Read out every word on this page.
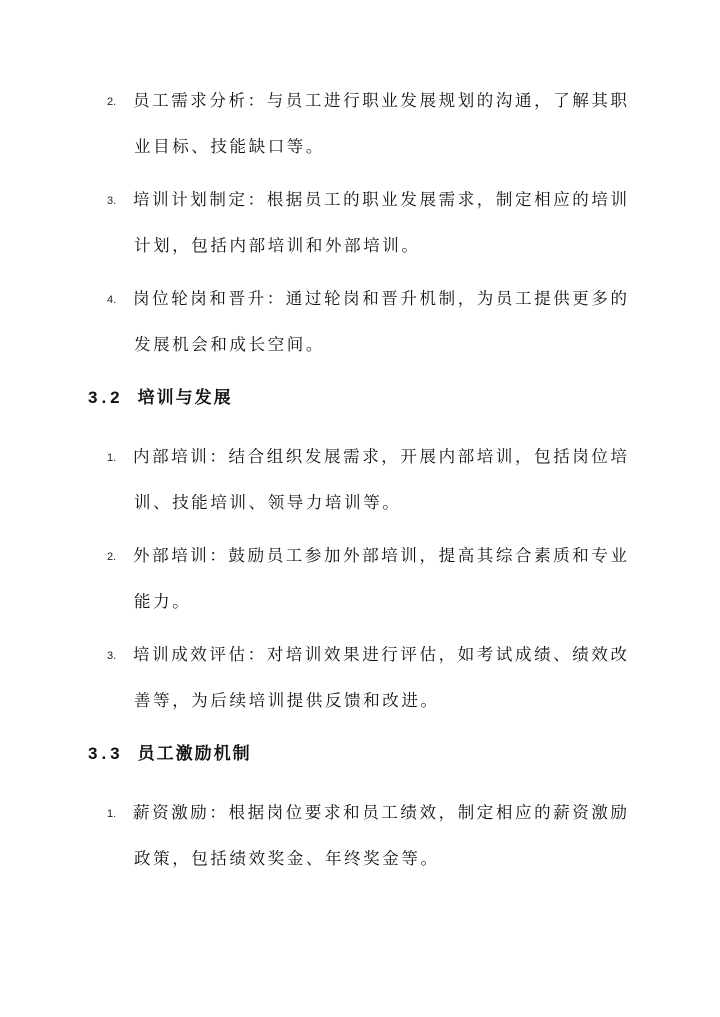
2. 员工需求分析：与员工进行职业发展规划的沟通，了解其职
业目标、技能缺口等。
3. 培训计划制定：根据员工的职业发展需求，制定相应的培训
计划，包括内部培训和外部培训。
4. 岗位轮岗和晋升：通过轮岗和晋升机制，为员工提供更多的
发展机会和成长空间。
3.2 培训与发展
1. 内部培训：结合组织发展需求，开展内部培训，包括岗位培
训、技能培训、领导力培训等。
2. 外部培训：鼓励员工参加外部培训，提高其综合素质和专业
能力。
3. 培训成效评估：对培训效果进行评估，如考试成绩、绩效改
善等，为后续培训提供反馈和改进。
3.3 员工激励机制
1. 薪资激励：根据岗位要求和员工绩效，制定相应的薪资激励
政策，包括绩效奖金、年终奖金等。
